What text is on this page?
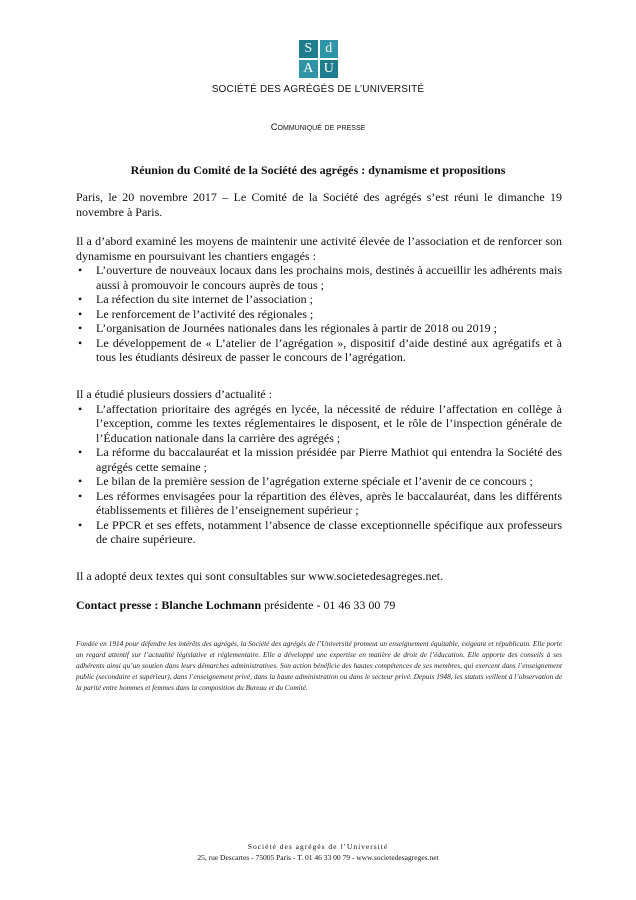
S d
A U
SOCIÉTÉ DES AGRÉGÉS DE L’UNIVERSITÉ
Communiqué de presse
Réunion du Comité de la Société des agrégés : dynamisme et propositions
Paris, le 20 novembre 2017 – Le Comité de la Société des agrégés s’est réuni le dimanche 19 novembre à Paris.
Il a d’abord examiné les moyens de maintenir une activité élevée de l’association et de renforcer son dynamisme en poursuivant les chantiers engagés :
• L’ouverture de nouveaux locaux dans les prochains mois, destinés à accueillir les adhérents mais aussi à promouvoir le concours auprès de tous ;
• La réfection du site internet de l’association ;
• Le renforcement de l’activité des régionales ;
• L’organisation de Journées nationales dans les régionales à partir de 2018 ou 2019 ;
• Le développement de « L’atelier de l’agrégation », dispositif d’aide destiné aux agrégatifs et à tous les étudiants désireux de passer le concours de l’agrégation.
Il a étudié plusieurs dossiers d’actualité :
• L’affectation prioritaire des agrégés en lycée, la nécessité de réduire l’affectation en collège à l’exception, comme les textes réglementaires le disposent, et le rôle de l’inspection générale de l’Éducation nationale dans la carrière des agrégés ;
• La réforme du baccalauréat et la mission présidée par Pierre Mathiot qui entendra la Société des agrégés cette semaine ;
• Le bilan de la première session de l’agrégation externe spéciale et l’avenir de ce concours ;
• Les réformes envisagées pour la répartition des élèves, après le baccalauréat, dans les différents établissements et filières de l’enseignement supérieur ;
• Le PPCR et ses effets, notamment l’absence de classe exceptionnelle spécifique aux professeurs de chaire supérieure.
Il a adopté deux textes qui sont consultables sur www.societedesagreges.net.
Contact presse : Blanche Lochmann présidente - 01 46 33 00 79
Fondée en 1914 pour défendre les intérêts des agrégés, la Société des agrégés de l’Université promeut un enseignement équitable, exigeant et républicain. Elle porte un regard attentif sur l’actualité législative et réglementaire. Elle a développé une expertise en matière de droit de l’éducation. Elle apporte des conseils à ses adhérents ainsi qu’un soutien dans leurs démarches administratives. Son action bénéficie des hautes compétences de ses membres, qui exercent dans l’enseignement public (secondaire et supérieur), dans l’enseignement privé, dans la haute administration ou dans le secteur privé. Depuis 1948, les statuts veillent à l’observation de la parité entre hommes et femmes dans la composition du Bureau et du Comité.
Société des agrégés de l’Université
25, rue Descartes - 75005 Paris - T. 01 46 33 00 79 - www.societedesagreges.net
